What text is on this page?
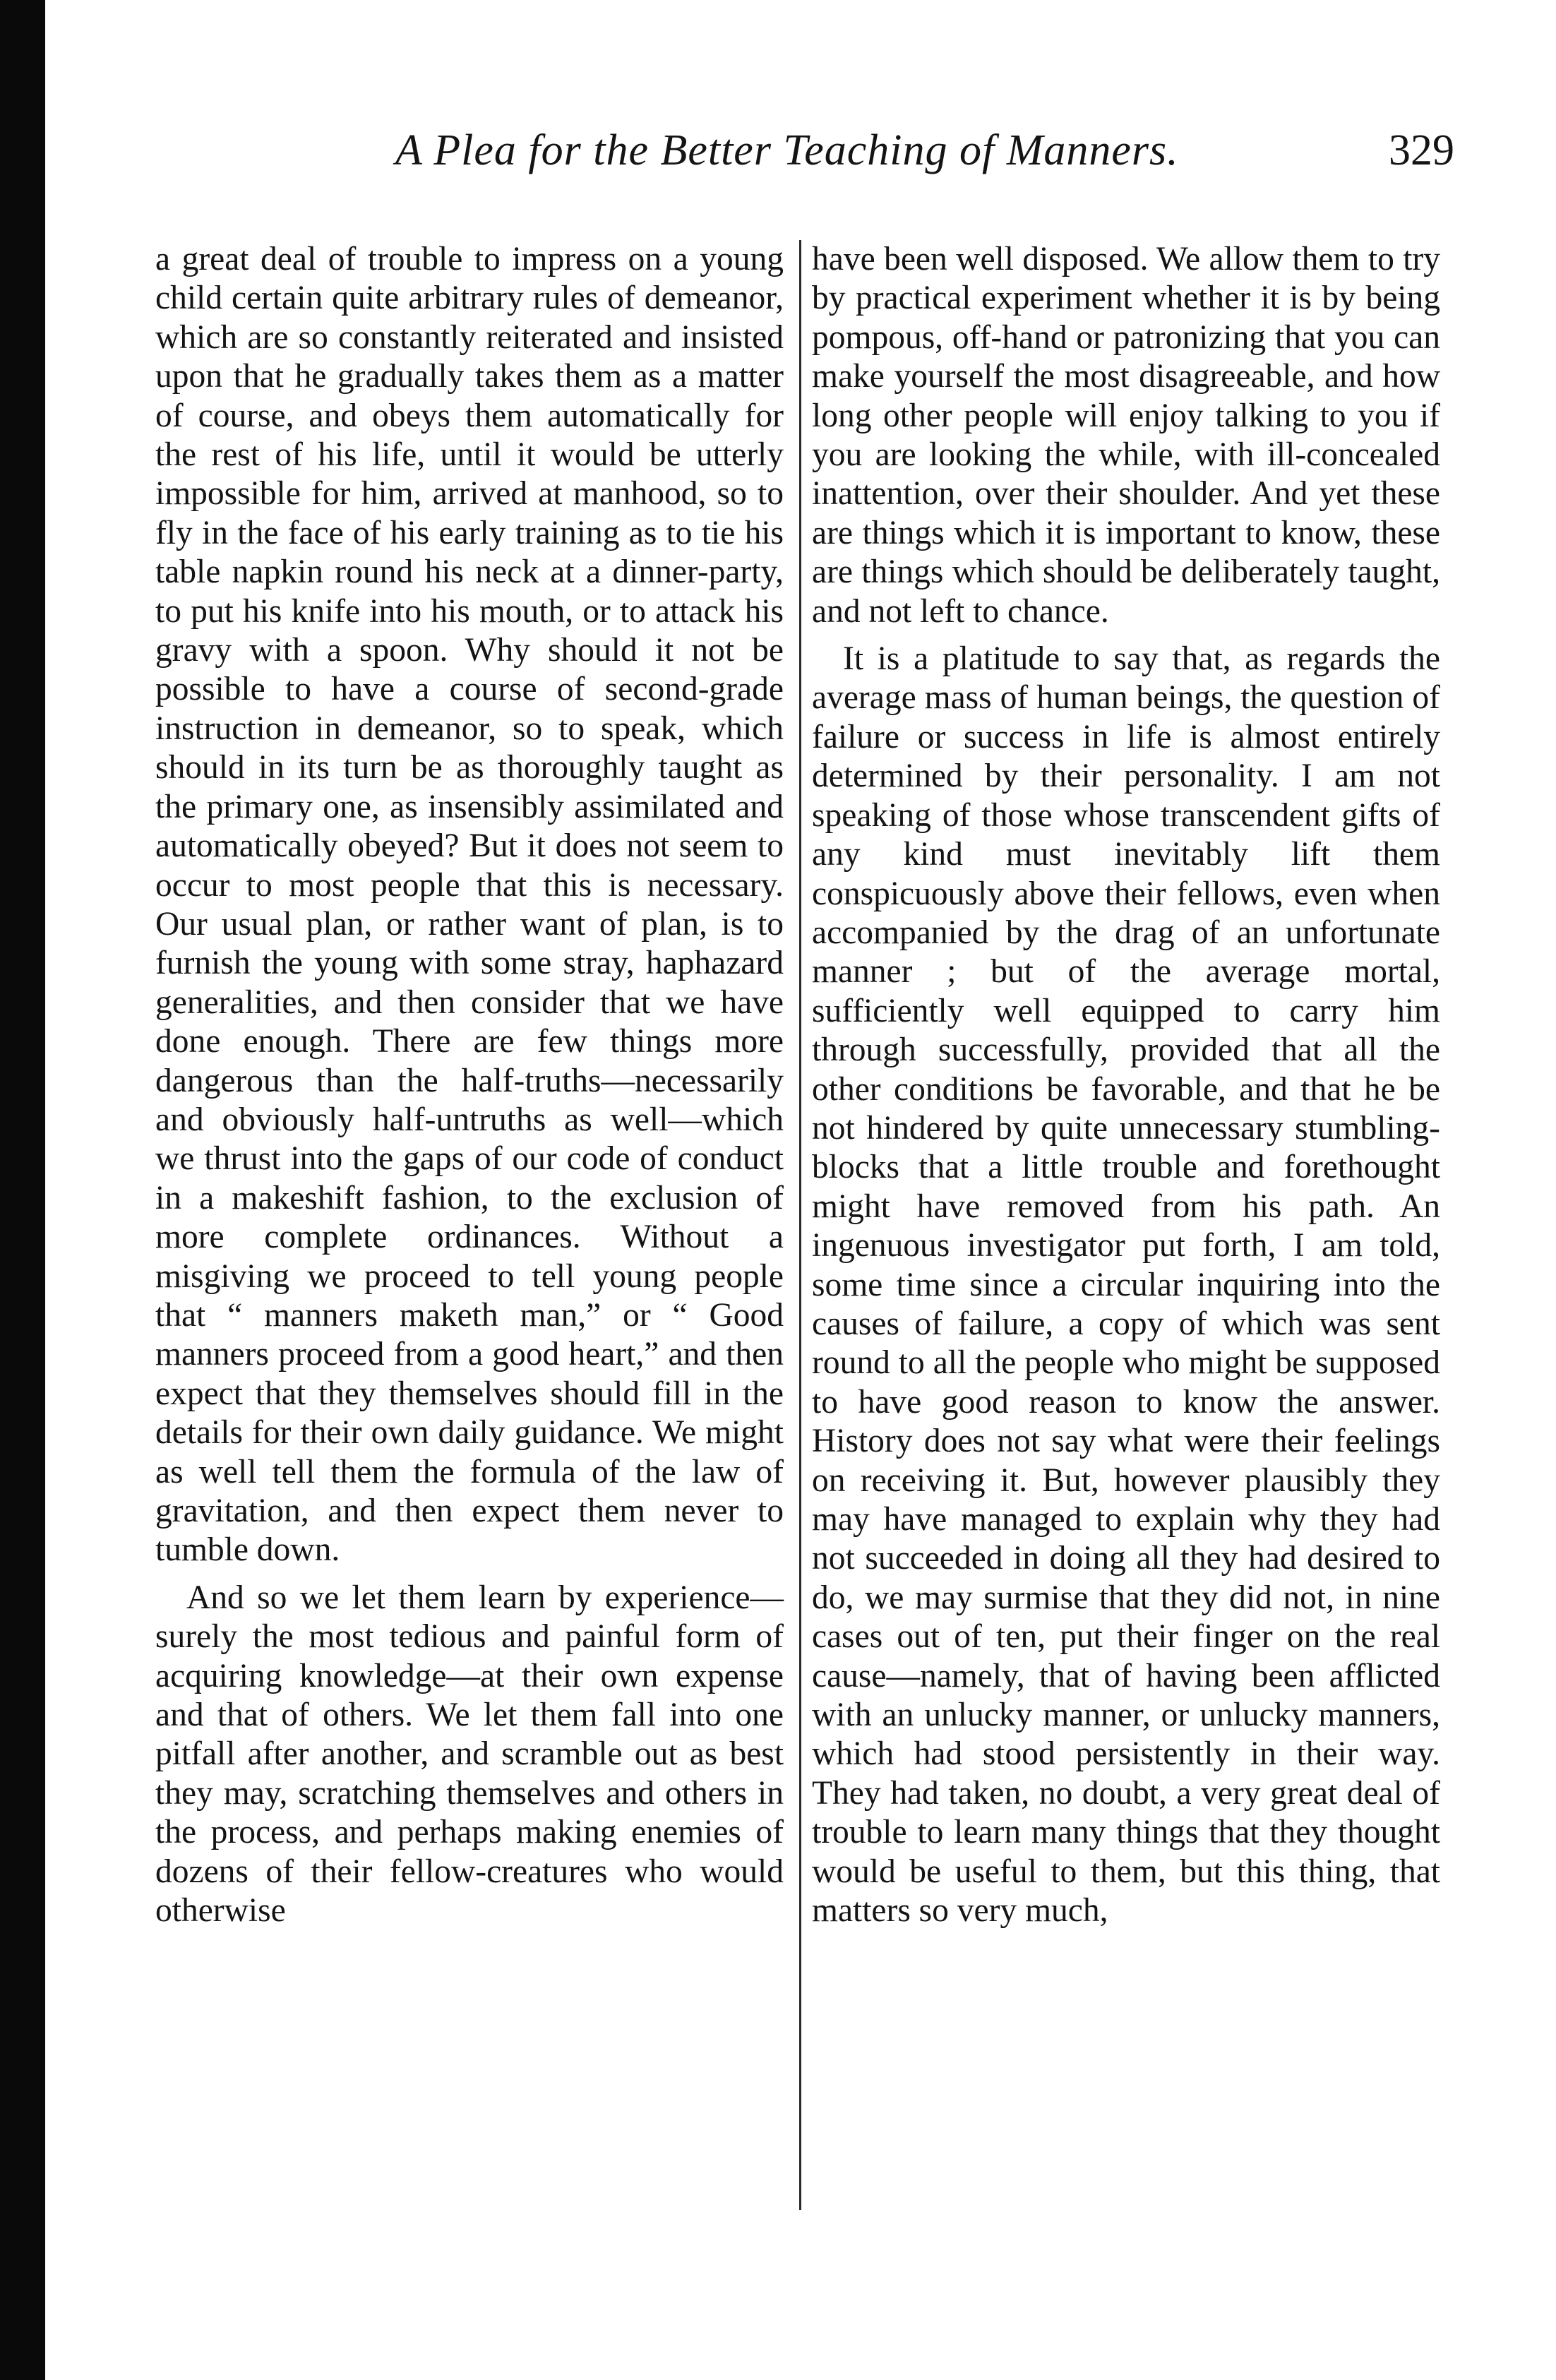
A Plea for the Better Teaching of Manners.	329

a great deal of trouble to impress on a young child certain quite arbitrary rules of demeanor, which are so constantly reiterated and insisted upon that he gradually takes them as a matter of course, and obeys them automatically for the rest of his life, until it would be utterly impossible for him, arrived at manhood, so to fly in the face of his early training as to tie his table napkin round his neck at a dinner-party, to put his knife into his mouth, or to attack his gravy with a spoon. Why should it not be possible to have a course of second-grade instruction in demeanor, so to speak, which should in its turn be as thoroughly taught as the primary one, as insensibly assimilated and automatically obeyed? But it does not seem to occur to most people that this is necessary. Our usual plan, or rather want of plan, is to furnish the young with some stray, haphazard generalities, and then consider that we have done enough. There are few things more dangerous than the half-truths—necessarily and obviously half-untruths as well—which we thrust into the gaps of our code of conduct in a makeshift fashion, to the exclusion of more complete ordinances. Without a misgiving we proceed to tell young people that “ manners maketh man,” or “ Good manners proceed from a good heart,” and then expect that they themselves should fill in the details for their own daily guidance. We might as well tell them the formula of the law of gravitation, and then expect them never to tumble down.

And so we let them learn by experience—surely the most tedious and painful form of acquiring knowledge—at their own expense and that of others. We let them fall into one pitfall after another, and scramble out as best they may, scratching themselves and others in the process, and perhaps making enemies of dozens of their fellow-creatures who would otherwise

have been well disposed. We allow them to try by practical experiment whether it is by being pompous, off-hand or patronizing that you can make yourself the most disagreeable, and how long other people will enjoy talking to you if you are looking the while, with ill-concealed inattention, over their shoulder. And yet these are things which it is important to know, these are things which should be deliberately taught, and not left to chance.

It is a platitude to say that, as regards the average mass of human beings, the question of failure or success in life is almost entirely determined by their personality. I am not speaking of those whose transcendent gifts of any kind must inevitably lift them conspicuously above their fellows, even when accompanied by the drag of an unfortunate manner ; but of the average mortal, sufficiently well equipped to carry him through successfully, provided that all the other conditions be favorable, and that he be not hindered by quite unnecessary stumbling-blocks that a little trouble and forethought might have removed from his path. An ingenuous investigator put forth, I am told, some time since a circular inquiring into the causes of failure, a copy of which was sent round to all the people who might be supposed to have good reason to know the answer. History does not say what were their feelings on receiving it. But, however plausibly they may have managed to explain why they had not succeeded in doing all they had desired to do, we may surmise that they did not, in nine cases out of ten, put their finger on the real cause—namely, that of having been afflicted with an unlucky manner, or unlucky manners, which had stood persistently in their way. They had taken, no doubt, a very great deal of trouble to learn many things that they thought would be useful to them, but this thing, that matters so very much,
